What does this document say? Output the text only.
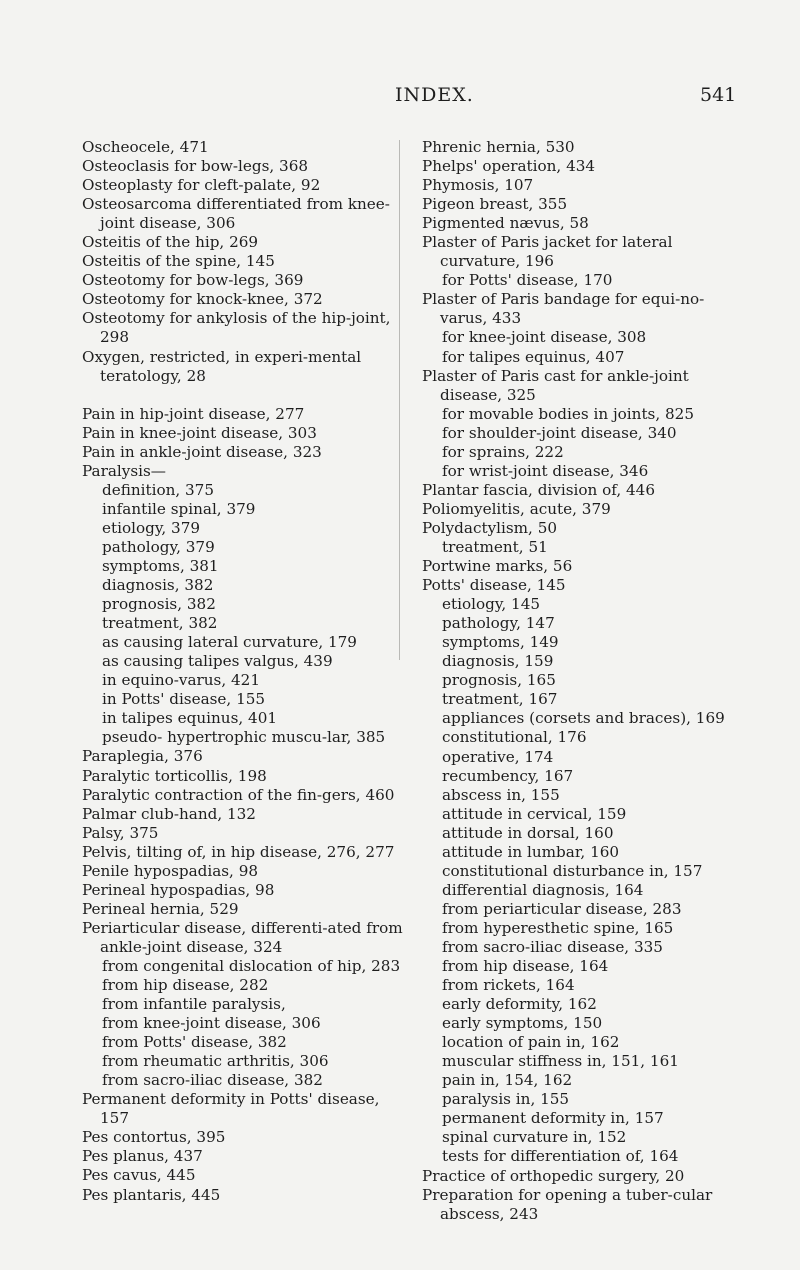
INDEX.	541

Oscheocele, 471

Osteoclasis for bow-legs, 368

Osteoplasty for cleft-palate, 92

Osteosarcoma differentiated from knee-joint disease, 306

Osteitis of the hip, 269

Osteitis of the spine, 145

Osteotomy for bow-legs, 369

Osteotomy for knock-knee, 372

Osteotomy for ankylosis of the hip-joint, 298

Oxygen, restricted, in experi-mental teratology, 28

Pain in hip-joint disease, 277

Pain in knee-joint disease, 303

Pain in ankle-joint disease, 323

Paralysis—

definition, 375

infantile spinal, 379

etiology, 379

pathology, 379

symptoms, 381

diagnosis, 382

prognosis, 382

treatment, 382

as causing lateral curvature, 179

as causing talipes valgus, 439

in equino-varus, 421

in Potts' disease, 155

in talipes equinus, 401

pseudo- hypertrophic muscu-lar, 385

Paraplegia, 376

Paralytic torticollis, 198

Paralytic contraction of the fin-gers, 460

Palmar club-hand, 132

Palsy, 375

Pelvis, tilting of, in hip disease, 276, 277

Penile hypospadias, 98

Perineal hypospadias, 98

Perineal hernia, 529

Periarticular disease, differenti-ated from ankle-joint disease, 324

from congenital dislocation of hip, 283

from hip disease, 282

from infantile paralysis,

from knee-joint disease, 306

from Potts' disease, 382

from rheumatic arthritis, 306

from sacro-iliac disease, 382

Permanent deformity in Potts' disease, 157

Pes contortus, 395

Pes planus, 437

Pes cavus, 445

Pes plantaris, 445

Phrenic hernia, 530

Phelps' operation, 434

Phymosis, 107

Pigeon breast, 355

Pigmented nævus, 58

Plaster of Paris jacket for lateral curvature, 196

for Potts' disease, 170

Plaster of Paris bandage for equi-no-varus, 433

for knee-joint disease, 308

for talipes equinus, 407

Plaster of Paris cast for ankle-joint disease, 325

for movable bodies in joints, 825

for shoulder-joint disease, 340

for sprains, 222

for wrist-joint disease, 346

Plantar fascia, division of, 446

Poliomyelitis, acute, 379

Polydactylism, 50

treatment, 51

Portwine marks, 56

Potts' disease, 145

etiology, 145

pathology, 147

symptoms, 149

diagnosis, 159

prognosis, 165

treatment, 167

appliances (corsets and braces), 169

constitutional, 176

operative, 174

recumbency, 167

abscess in, 155

attitude in cervical, 159

attitude in dorsal, 160

attitude in lumbar, 160

constitutional disturbance in, 157

differential diagnosis, 164

from periarticular disease, 283

from hyperesthetic spine, 165

from sacro-iliac disease, 335

from hip disease, 164

from rickets, 164

early deformity, 162

early symptoms, 150

location of pain in, 162

muscular stiffness in, 151, 161

pain in, 154, 162

paralysis in, 155

permanent deformity in, 157

spinal curvature in, 152

tests for differentiation of, 164

Practice of orthopedic surgery, 20

Preparation for opening a tuber-cular abscess, 243
